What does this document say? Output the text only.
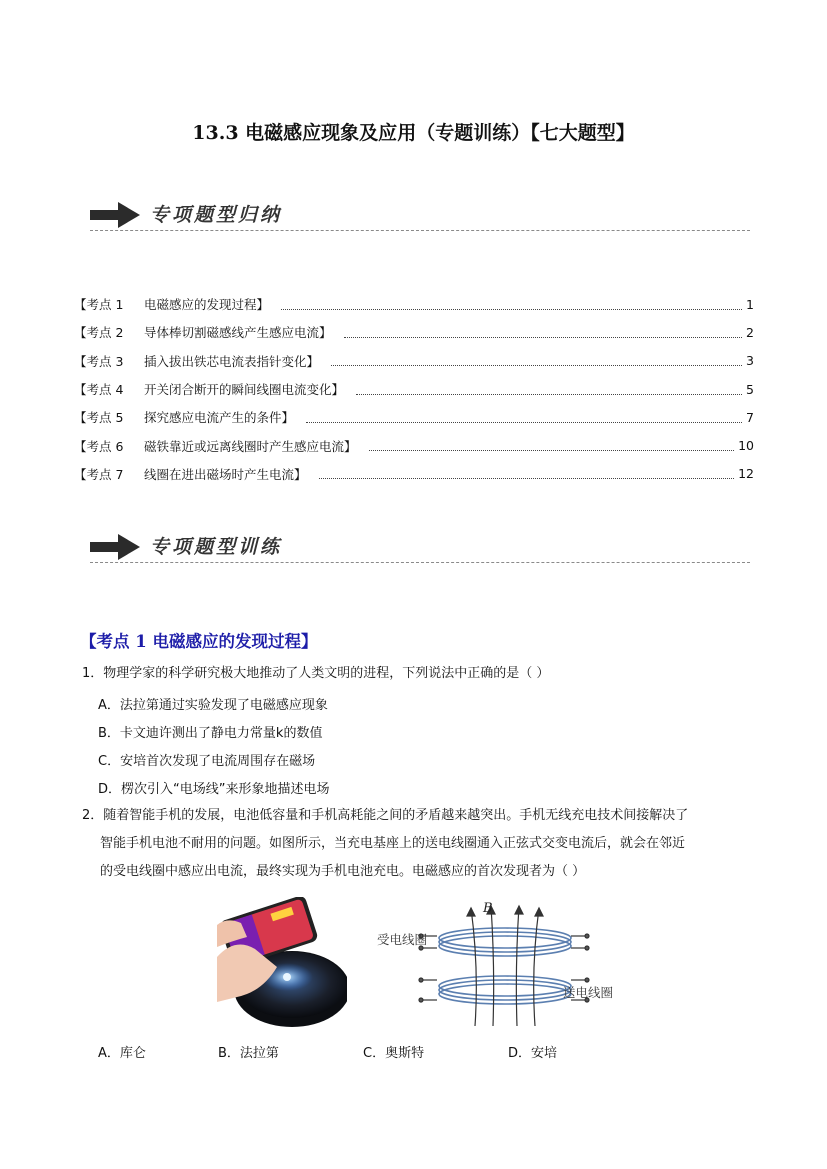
13.3 电磁感应现象及应用（专题训练）【七大题型】
专项题型归纳
【考点 1 电磁感应的发现过程】	1
【考点 2 导体棒切割磁感线产生感应电流】	2
【考点 3 插入拔出铁芯电流表指针变化】	3
【考点 4 开关闭合断开的瞬间线圈电流变化】	5
【考点 5 探究感应电流产生的条件】	7
【考点 6 磁铁靠近或远离线圈时产生感应电流】	10
【考点 7 线圈在进出磁场时产生电流】	12
专项题型训练
【考点 1 电磁感应的发现过程】
1．物理学家的科学研究极大地推动了人类文明的进程，下列说法中正确的是（ ）
A．法拉第通过实验发现了电磁感应现象
B．卡文迪许测出了静电力常量k的数值
C．安培首次发现了电流周围存在磁场
D．楞次引入“电场线”来形象地描述电场
2．随着智能手机的发展，电池低容量和手机高耗能之间的矛盾越来越突出。手机无线充电技术间接解决了
智能手机电池不耐用的问题。如图所示，当充电基座上的送电线圈通入正弦式交变电流后，就会在邻近
的受电线圈中感应出电流，最终实现为手机电池充电。电磁感应的首次发现者为（ ）
B
受电线圈
送电线圈
A．库仑	B．法拉第	C．奥斯特	D．安培
